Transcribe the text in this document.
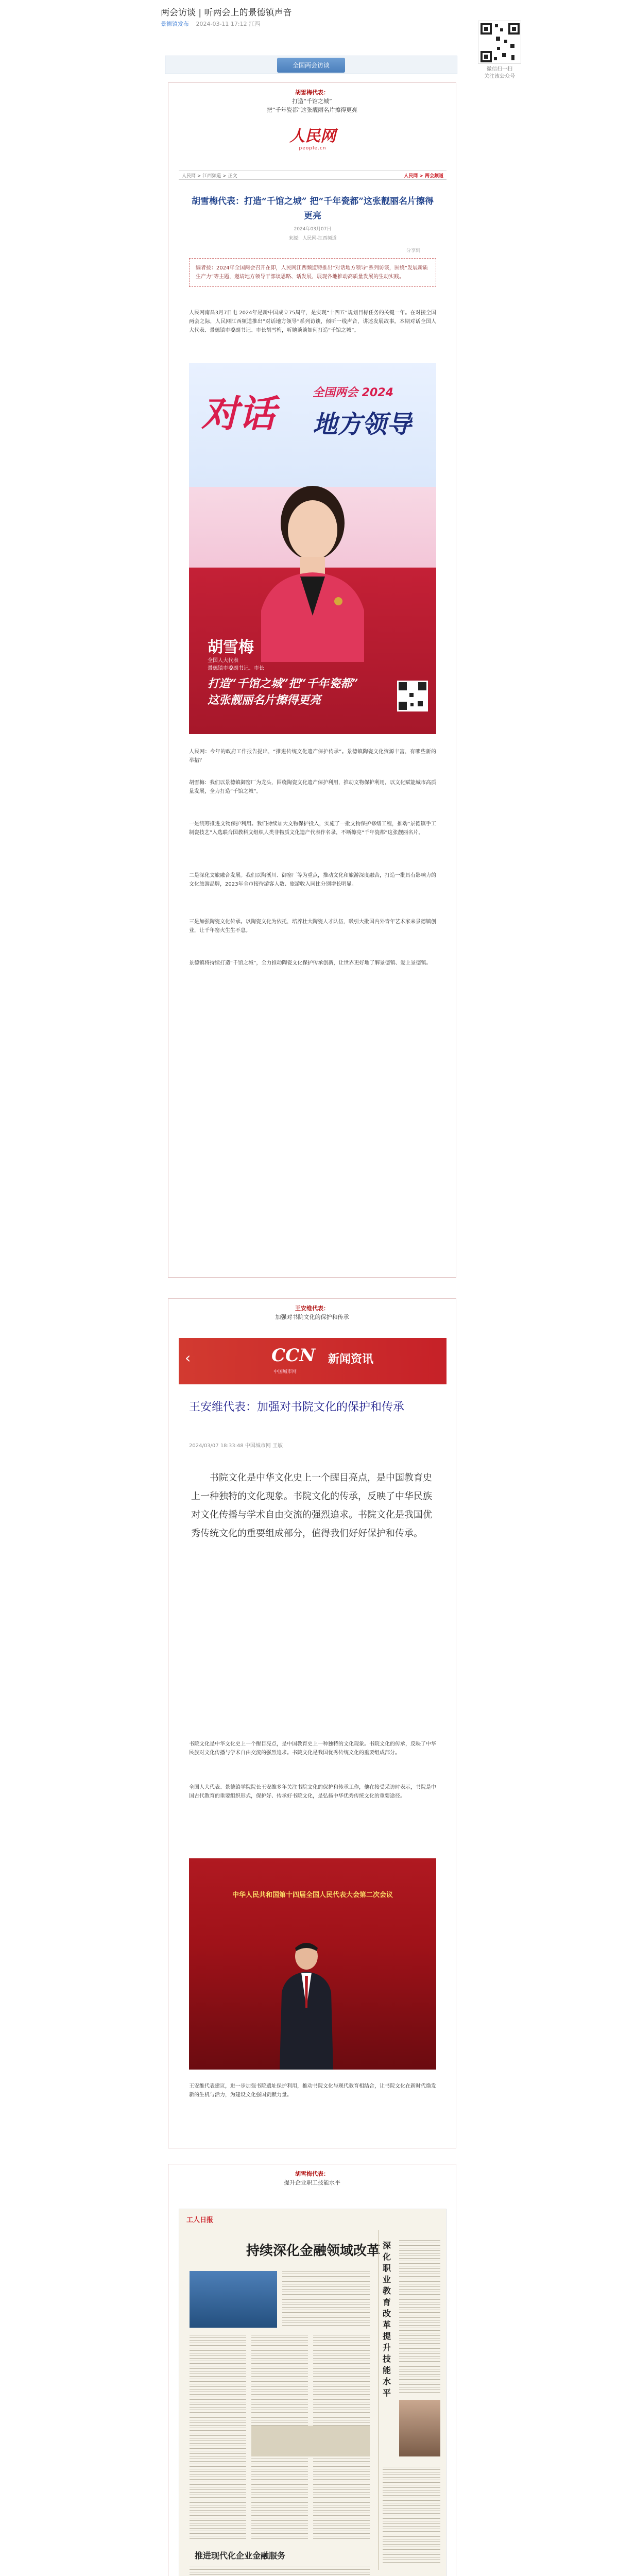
两会访谈 | 听两会上的景德镇声音
景德镇发布 2024-03-11 17:12 江西
微信扫一扫
关注该公众号
全国两会访谈
胡雪梅代表：
打造“千馆之城”
把“千年瓷都”这张靓丽名片擦得更亮
人民网
people.cn
人民网 > 江西频道 > 正文	人民网 > 两会频道
胡雪梅代表：打造“千馆之城” 把“千年瓷都”这张靓丽名片擦得更亮
2024年03月07日
来源：人民网-江西频道
分享到
编者按：2024年全国两会召开在即，人民网江西频道特推出“对话地方领导”系列访谈，围绕“发展新质生产力”等主题，邀请地方领导干部谈思路、话发展，展现各地推动高质量发展的生动实践。
人民网南昌3月7日电 2024年是新中国成立75周年，是实现“十四五”规划目标任务的关键一年。在对接全国两会之际，人民网江西频道推出“对话地方领导”系列访谈，倾听一线声音，讲述发展故事。本期对话全国人大代表、景德镇市委副书记、市长胡雪梅，听她谈谈如何打造“千馆之城”。
对话	全国两会 2024
地方领导
胡雪梅
全国人大代表
景德镇市委副书记、市长
打造“千馆之城”把“千年瓷都”
这张靓丽名片擦得更亮
人民网：今年的政府工作报告提出，“推进传统文化遗产保护传承”。景德镇陶瓷文化资源丰富，有哪些新的举措？
胡雪梅：我们以景德镇御窑厂为龙头，围绕陶瓷文化遗产保护利用，推动文物保护利用，以文化赋能城市高质量发展，全力打造“千馆之城”。
一是统筹推进文物保护利用。我们持续加大文物保护投入，实施了一批文物保护修缮工程，推动“景德镇手工制瓷技艺”入选联合国教科文组织人类非物质文化遗产代表作名录，不断擦亮“千年瓷都”这张靓丽名片。
二是深化文旅融合发展。我们以陶溪川、御窑厂等为重点，推动文化和旅游深度融合，打造一批具有影响力的文化旅游品牌，2023年全市接待游客人数、旅游收入同比分别增长明显。
三是加强陶瓷文化传承。以陶瓷文化为依托，培养壮大陶瓷人才队伍，吸引大批国内外青年艺术家来景德镇创业，让千年窑火生生不息。
景德镇将持续打造“千馆之城”，全力推动陶瓷文化保护传承创新，让世界更好地了解景德镇、爱上景德镇。
王安维代表：
加强对书院文化的保护和传承
‹	CCN
中国城市网
新闻资讯
王安维代表：加强对书院文化的保护和传承
2024/03/07 18:33:48 中国城市网 王敏
书院文化是中华文化史上一个醒目亮点，是中国教育史上一种独特的文化现象。书院文化的传承，反映了中华民族对文化传播与学术自由交流的强烈追求。书院文化是我国优秀传统文化的重要组成部分，值得我们好好保护和传承。
书院文化是中华文化史上一个醒目亮点，是中国教育史上一种独特的文化现象。书院文化的传承，反映了中华民族对文化传播与学术自由交流的强烈追求。书院文化是我国优秀传统文化的重要组成部分。
全国人大代表、景德镇学院院长王安维多年关注书院文化的保护和传承工作，他在接受采访时表示，书院是中国古代教育的重要组织形式，保护好、传承好书院文化，是弘扬中华优秀传统文化的重要途径。
中华人民共和国第十四届全国人民代表大会第二次会议
王安维代表建议，进一步加强书院遗址保护利用，推动书院文化与现代教育相结合，让书院文化在新时代焕发新的生机与活力，为建设文化强国贡献力量。
胡雪梅代表：
提升企业职工技能水平
工人日报
持续深化金融领域改革
推进现代化企业金融服务
深化职业教育改革提升技能水平
